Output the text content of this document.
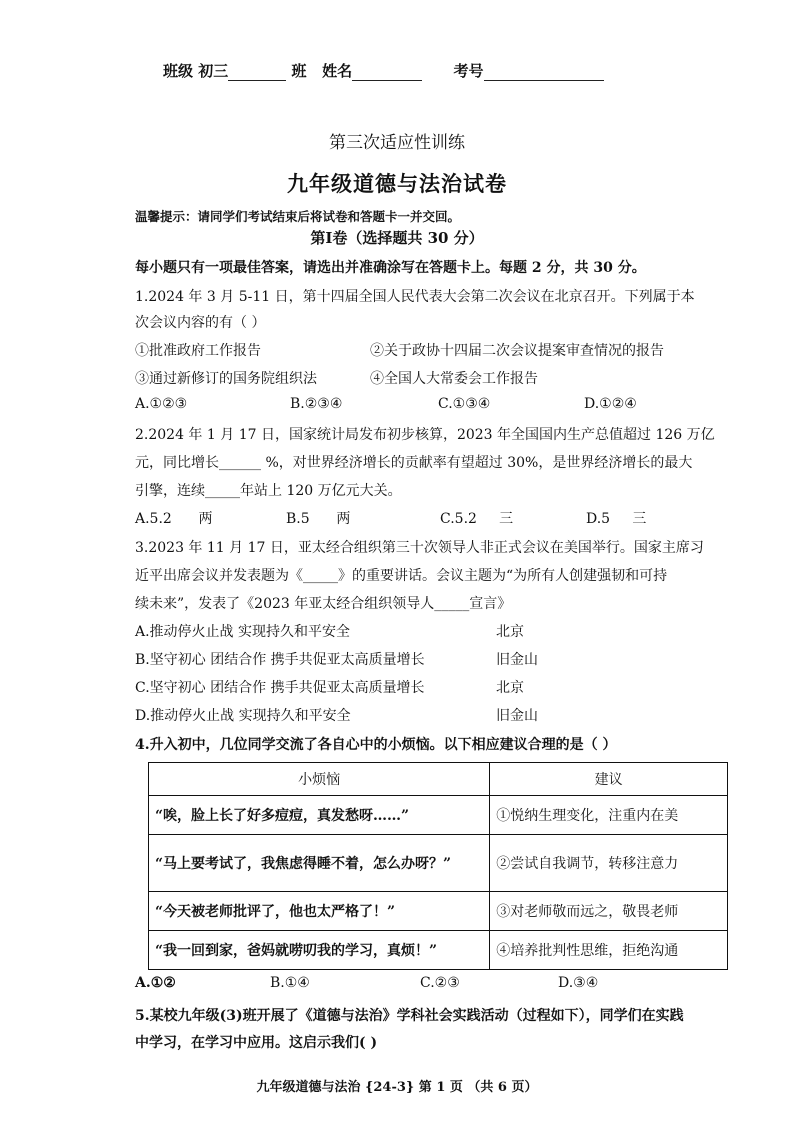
班级 初三	班 姓名	考号
第三次适应性训练
九年级道德与法治试卷
温馨提示：请同学们考试结束后将试卷和答题卡一并交回。
第Ⅰ卷（选择题共 30 分）
每小题只有一项最佳答案，请选出并准确涂写在答题卡上。每题 2 分，共 30 分。
1.2024 年 3 月 5-11 日，第十四届全国人民代表大会第二次会议在北京召开。下列属于本
次会议内容的有（ ）
①批准政府工作报告	②关于政协十四届二次会议提案审查情况的报告
③通过新修订的国务院组织法	④全国人大常委会工作报告
A.①②③	B.②③④	C.①③④	D.①②④
2.2024 年 1 月 17 日，国家统计局发布初步核算，2023 年全国国内生产总值超过 126 万亿
元，同比增长______ %，对世界经济增长的贡献率有望超过 30%，是世界经济增长的最大
引擎，连续_____年站上 120 万亿元大关。
A.5.2      两	B.5      两	C.5.2     三	D.5     三
3.2023 年 11 月 17 日，亚太经合组织第三十次领导人非正式会议在美国举行。国家主席习
近平出席会议并发表题为《_____》的重要讲话。会议主题为“为所有人创建强韧和可持
续未来”，发表了《2023 年亚太经合组织领导人_____宣言》
A.推动停火止战 实现持久和平安全	北京
B.坚守初心 团结合作 携手共促亚太高质量增长	旧金山
C.坚守初心 团结合作 携手共促亚太高质量增长	北京
D.推动停火止战 实现持久和平安全	旧金山
4.升入初中，几位同学交流了各自心中的小烦恼。以下相应建议合理的是（ ）
小烦恼	建议
“唉，脸上长了好多痘痘，真发愁呀……”	①悦纳生理变化，注重内在美
“马上要考试了，我焦虑得睡不着，怎么办呀？”	②尝试自我调节，转移注意力
“今天被老师批评了，他也太严格了！”	③对老师敬而远之，敬畏老师
“我一回到家，爸妈就唠叨我的学习，真烦！”	④培养批判性思维，拒绝沟通
A.①②	B.①④	C.②③	D.③④
5.某校九年级(3)班开展了《道德与法治》学科社会实践活动（过程如下），同学们在实践
中学习，在学习中应用。这启示我们( )
九年级道德与法治 {24-3} 第 1 页 （共 6 页）
